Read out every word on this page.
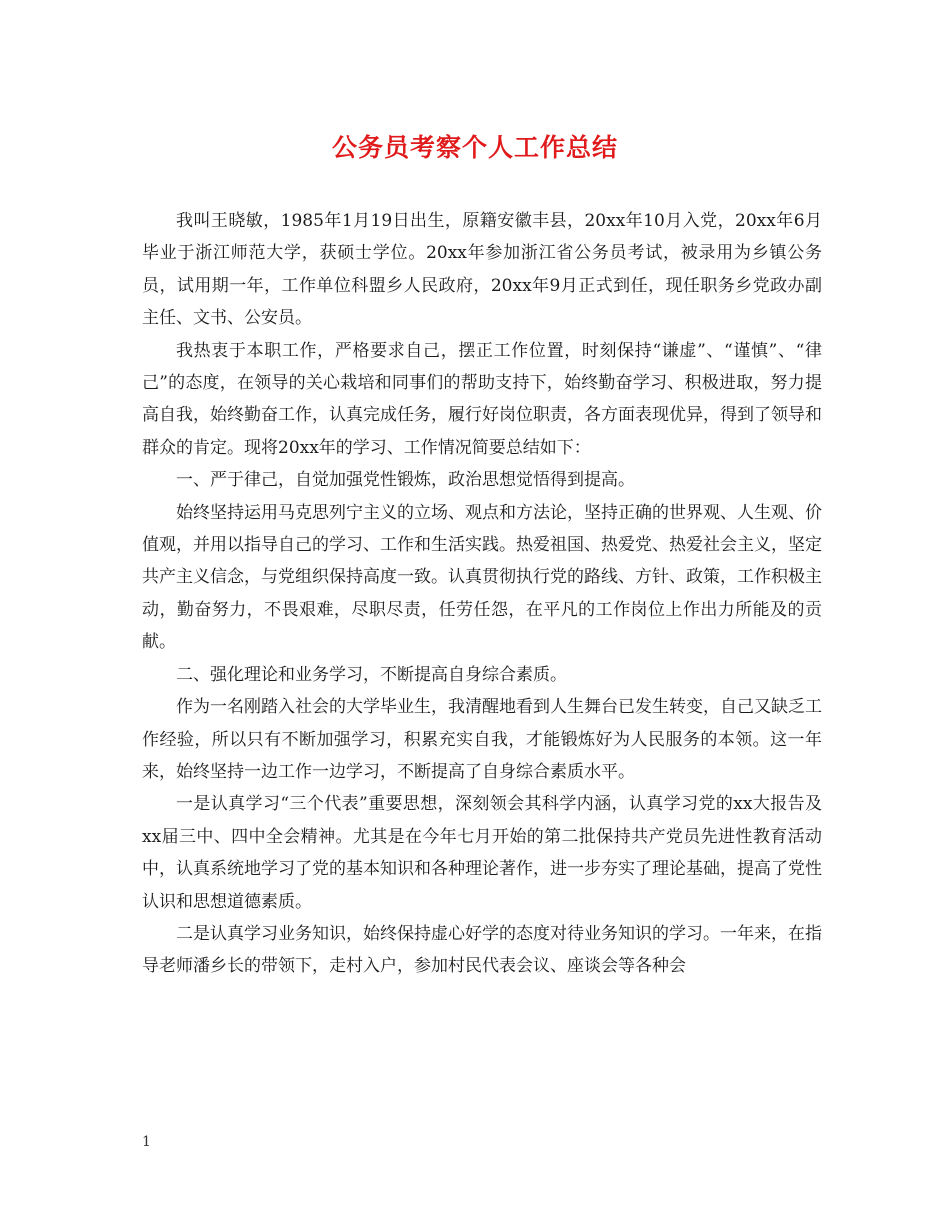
公务员考察个人工作总结

我叫王晓敏，1985年1月19日出生，原籍安徽丰县，20xx年10月入党，20xx年6月毕业于浙江师范大学，获硕士学位。20xx年参加浙江省公务员考试，被录用为乡镇公务员，试用期一年，工作单位科盟乡人民政府，20xx年9月正式到任，现任职务乡党政办副主任、文书、公安员。

我热衷于本职工作，严格要求自己，摆正工作位置，时刻保持“谦虚”、“谨慎”、“律己”的态度，在领导的关心栽培和同事们的帮助支持下，始终勤奋学习、积极进取，努力提高自我，始终勤奋工作，认真完成任务，履行好岗位职责，各方面表现优异，得到了领导和群众的肯定。现将20xx年的学习、工作情况简要总结如下：

一、严于律己，自觉加强党性锻炼，政治思想觉悟得到提高。

始终坚持运用马克思列宁主义的立场、观点和方法论，坚持正确的世界观、人生观、价值观，并用以指导自己的学习、工作和生活实践。热爱祖国、热爱党、热爱社会主义，坚定共产主义信念，与党组织保持高度一致。认真贯彻执行党的路线、方针、政策，工作积极主动，勤奋努力，不畏艰难，尽职尽责，任劳任怨，在平凡的工作岗位上作出力所能及的贡献。

二、强化理论和业务学习，不断提高自身综合素质。

作为一名刚踏入社会的大学毕业生，我清醒地看到人生舞台已发生转变，自己又缺乏工作经验，所以只有不断加强学习，积累充实自我，才能锻炼好为人民服务的本领。这一年来，始终坚持一边工作一边学习，不断提高了自身综合素质水平。

一是认真学习“三个代表”重要思想，深刻领会其科学内涵，认真学习党的xx大报告及xx届三中、四中全会精神。尤其是在今年七月开始的第二批保持共产党员先进性教育活动中，认真系统地学习了党的基本知识和各种理论著作，进一步夯实了理论基础，提高了党性认识和思想道德素质。

二是认真学习业务知识，始终保持虚心好学的态度对待业务知识的学习。一年来，在指导老师潘乡长的带领下，走村入户，参加村民代表会议、座谈会等各种会

1
